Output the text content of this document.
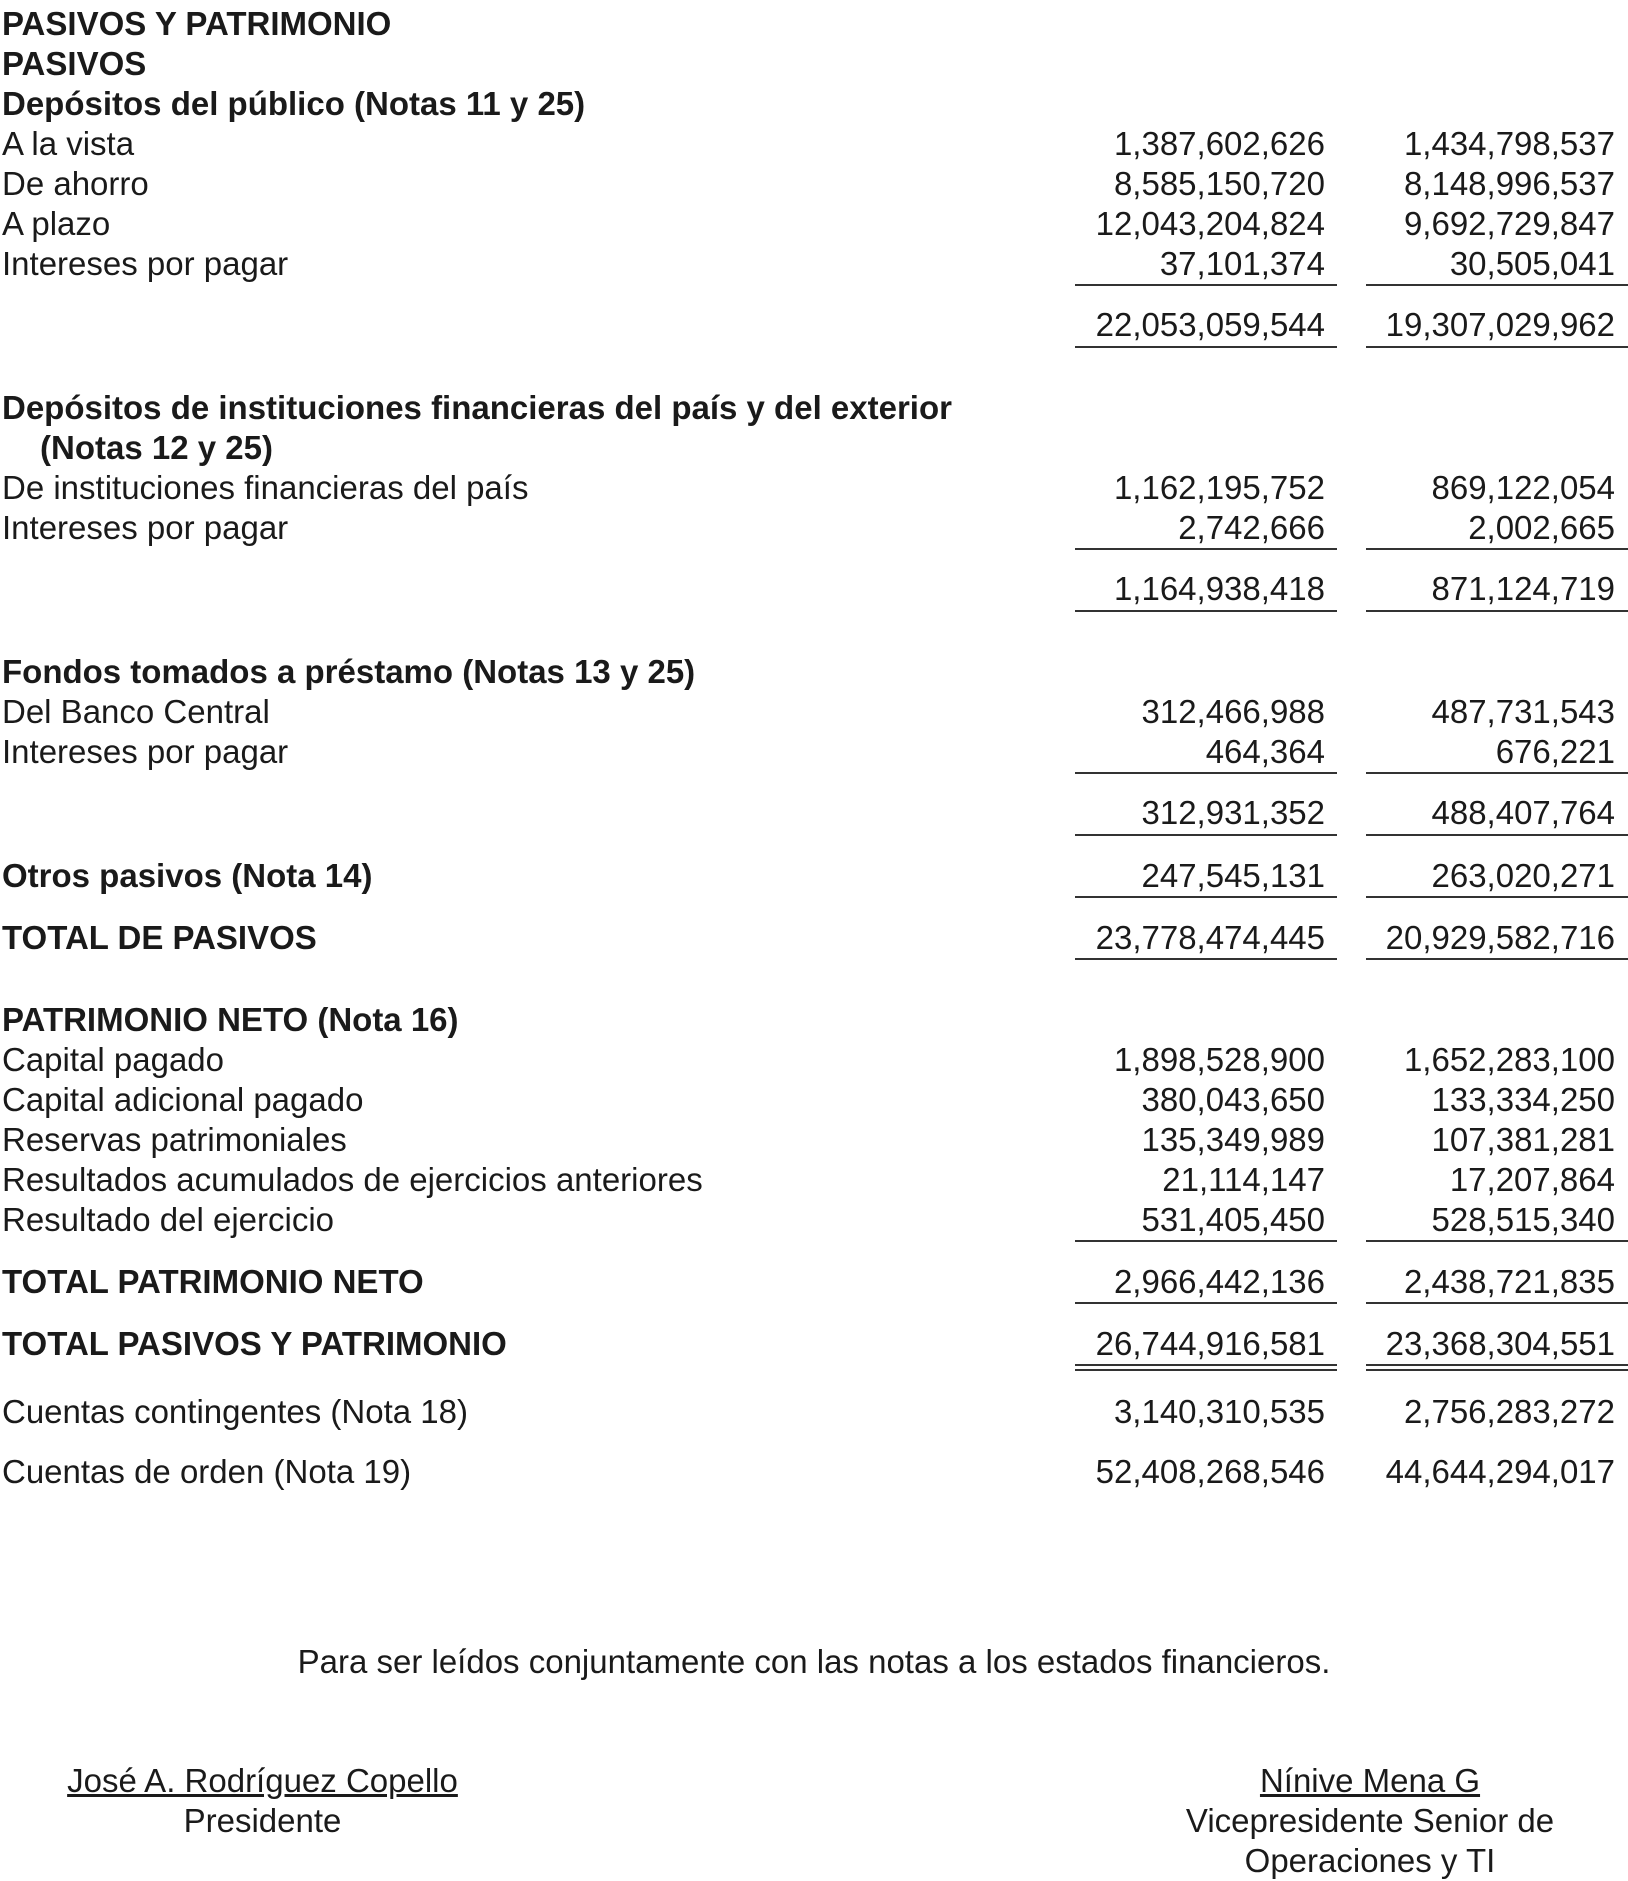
PASIVOS Y PATRIMONIO
PASIVOS
Depósitos del público (Notas 11 y 25)
A la vista	1,387,602,626	1,434,798,537
De ahorro	8,585,150,720	8,148,996,537
A plazo	12,043,204,824	9,692,729,847
Intereses por pagar	37,101,374	30,505,041
22,053,059,544	19,307,029,962
Depósitos de instituciones financieras del país y del exterior
(Notas 12 y 25)
De instituciones financieras del país	1,162,195,752	869,122,054
Intereses por pagar	2,742,666	2,002,665
1,164,938,418	871,124,719
Fondos tomados a préstamo (Notas 13 y 25)
Del Banco Central	312,466,988	487,731,543
Intereses por pagar	464,364	676,221
312,931,352	488,407,764
Otros pasivos (Nota 14)	247,545,131	263,020,271
TOTAL DE PASIVOS	23,778,474,445	20,929,582,716
PATRIMONIO NETO (Nota 16)
Capital pagado	1,898,528,900	1,652,283,100
Capital adicional pagado	380,043,650	133,334,250
Reservas patrimoniales	135,349,989	107,381,281
Resultados acumulados de ejercicios anteriores	21,114,147	17,207,864
Resultado del ejercicio	531,405,450	528,515,340
TOTAL PATRIMONIO NETO	2,966,442,136	2,438,721,835
TOTAL PASIVOS Y PATRIMONIO	26,744,916,581	23,368,304,551
Cuentas contingentes (Nota 18)	3,140,310,535	2,756,283,272
Cuentas de orden (Nota 19)	52,408,268,546	44,644,294,017
Para ser leídos conjuntamente con las notas a los estados financieros.
José A. Rodríguez Copello
Presidente
Nínive Mena G
Vicepresidente Senior de
Operaciones y TI
